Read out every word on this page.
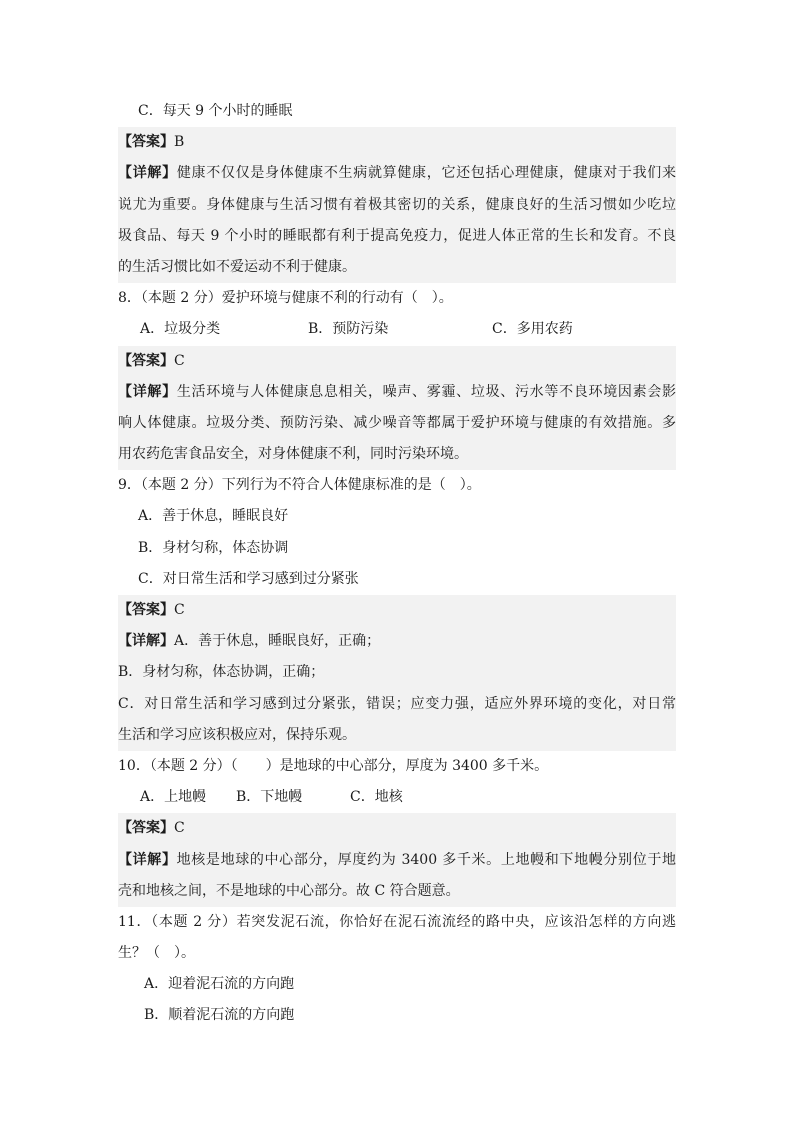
C．每天 9 个小时的睡眠
【答案】B
【详解】健康不仅仅是身体健康不生病就算健康，它还包括心理健康，健康对于我们来
说尤为重要。身体健康与生活习惯有着极其密切的关系，健康良好的生活习惯如少吃垃
圾食品、每天 9 个小时的睡眠都有利于提高免疫力，促进人体正常的生长和发育。不良
的生活习惯比如不爱运动不利于健康。
8．（本题 2 分）爱护环境与健康不利的行动有（　）。
A．垃圾分类	B．预防污染	C．多用农药
【答案】C
【详解】生活环境与人体健康息息相关，噪声、雾霾、垃圾、污水等不良环境因素会影
响人体健康。垃圾分类、预防污染、减少噪音等都属于爱护环境与健康的有效措施。多
用农药危害食品安全，对身体健康不利，同时污染环境。
9．（本题 2 分）下列行为不符合人体健康标准的是（　）。
A．善于休息，睡眠良好
B．身材匀称，体态协调
C．对日常生活和学习感到过分紧张
【答案】C
【详解】A．善于休息，睡眠良好，正确；
B．身材匀称，体态协调，正确；
C．对日常生活和学习感到过分紧张，错误；应变力强，适应外界环境的变化，对日常
生活和学习应该积极应对，保持乐观。
10．（本题 2 分）（　　）是地球的中心部分，厚度为 3400 多千米。
A．上地幔	B．下地幔	C．地核
【答案】C
【详解】地核是地球的中心部分，厚度约为 3400 多千米。上地幔和下地幔分别位于地
壳和地核之间，不是地球的中心部分。故 C 符合题意。
11．（本题 2 分）若突发泥石流，你恰好在泥石流流经的路中央，应该沿怎样的方向逃
生？（　）。
A．迎着泥石流的方向跑
B．顺着泥石流的方向跑
